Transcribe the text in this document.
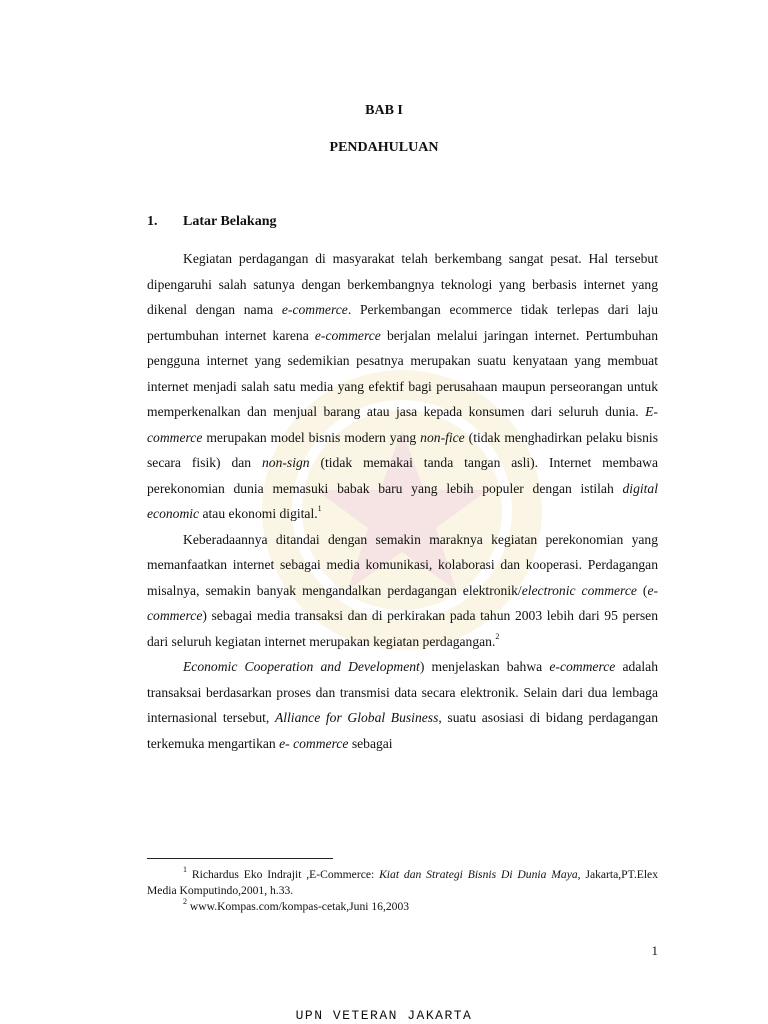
BAB I
PENDAHULUAN
1. Latar Belakang

Kegiatan perdagangan di masyarakat telah berkembang sangat pesat. Hal tersebut dipengaruhi salah satunya dengan berkembangnya teknologi yang berbasis internet yang dikenal dengan nama e-commerce. Perkembangan ecommerce tidak terlepas dari laju pertumbuhan internet karena e-commerce berjalan melalui jaringan internet. Pertumbuhan pengguna internet yang sedemikian pesatnya merupakan suatu kenyataan yang membuat internet menjadi salah satu media yang efektif bagi perusahaan maupun perseorangan untuk memperkenalkan dan menjual barang atau jasa kepada konsumen dari seluruh dunia. E-commerce merupakan model bisnis modern yang non-fice (tidak menghadirkan pelaku bisnis secara fisik) dan non-sign (tidak memakai tanda tangan asli). Internet membawa perekonomian dunia memasuki babak baru yang lebih populer dengan istilah digital economic atau ekonomi digital.$^1$

Keberadaannya ditandai dengan semakin maraknya kegiatan perekonomian yang memanfaatkan internet sebagai media komunikasi, kolaborasi dan kooperasi. Perdagangan misalnya, semakin banyak mengandalkan perdagangan elektronik/electronic commerce (e-commerce) sebagai media transaksi dan di perkirakan pada tahun 2003 lebih dari 95 persen dari seluruh kegiatan internet merupakan kegiatan perdagangan.$^2$

Economic Cooperation and Development) menjelaskan bahwa e-commerce adalah transaksai berdasarkan proses dan transmisi data secara elektronik. Selain dari dua lembaga internasional tersebut, Alliance for Global Business, suatu asosiasi di bidang perdagangan terkemuka mengartikan e- commerce sebagai

$^1$ Richardus Eko Indrajit ,E-Commerce: Kiat dan Strategi Bisnis Di Dunia Maya, Jakarta,PT.Elex Media Komputindo,2001, h.33.

$^2$ www.Kompas.com/kompas-cetak,Juni 16,2003

1
UPN VETERAN JAKARTA
